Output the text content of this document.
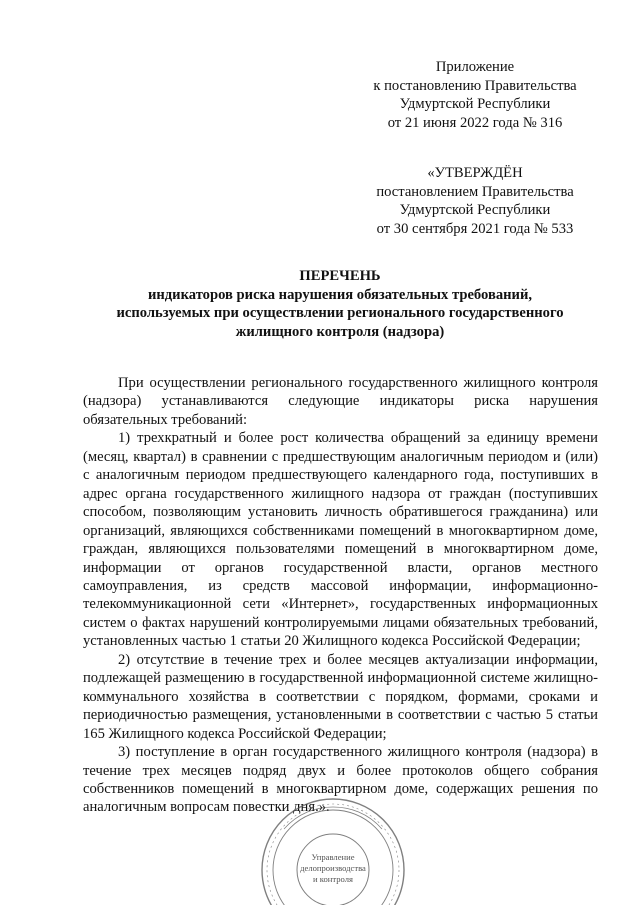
Приложение
к постановлению Правительства
Удмуртской Республики
от 21 июня 2022 года № 316
«УТВЕРЖДЁН
постановлением Правительства
Удмуртской Республики
от 30 сентября 2021 года № 533
ПЕРЕЧЕНЬ
индикаторов риска нарушения обязательных требований,
используемых при осуществлении регионального государственного
жилищного контроля (надзора)

При осуществлении регионального государственного жилищного контроля (надзора) устанавливаются следующие индикаторы риска нарушения обязательных требований:

1) трехкратный и более рост количества обращений за единицу времени (месяц, квартал) в сравнении с предшествующим аналогичным периодом и (или) с аналогичным периодом предшествующего календарного года, поступивших в адрес органа государственного жилищного надзора от граждан (поступивших способом, позволяющим установить личность обратившегося гражданина) или организаций, являющихся собственниками помещений в многоквартирном доме, граждан, являющихся пользователями помещений в многоквартирном доме, информации от органов государственной власти, органов местного самоуправления, из средств массовой информации, информационно-телекоммуникационной сети «Интернет», государственных информационных систем о фактах нарушений контролируемыми лицами обязательных требований, установленных частью 1 статьи 20 Жилищного кодекса Российской Федерации;

2) отсутствие в течение трех и более месяцев актуализации информации, подлежащей размещению в государственной информационной системе жилищно-коммунального хозяйства в соответствии с порядком, формами, сроками и периодичностью размещения, установленными в соответствии с частью 5 статьи 165 Жилищного кодекса Российской Федерации;

3) поступление в орган государственного жилищного контроля (надзора) в течение трех месяцев подряд двух и более протоколов общего собрания собственников помещений в многоквартирном доме, содержащих решения по аналогичным вопросам повестки дня.».

Управление
делопроизводства
и контроля
